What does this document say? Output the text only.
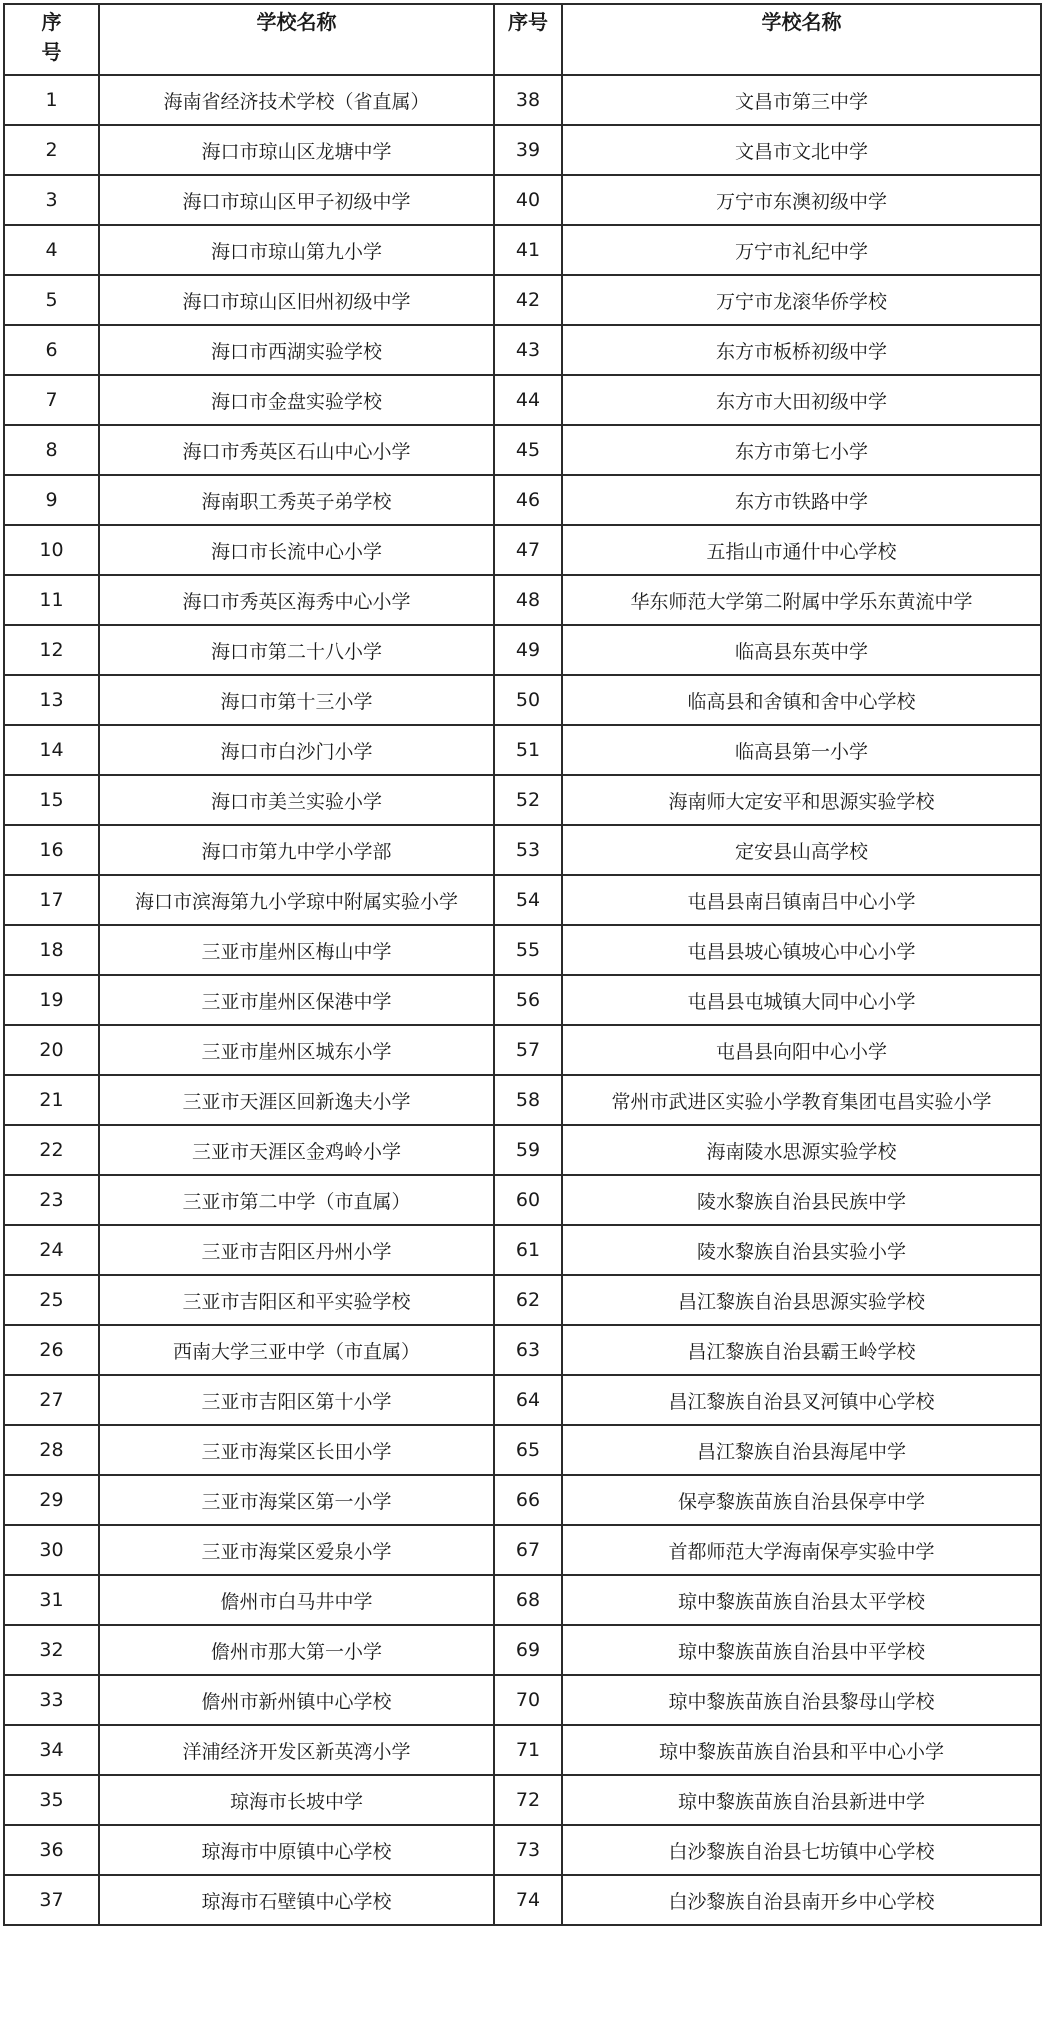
序号	学校名称	序号	学校名称
1	海南省经济技术学校（省直属）	38	文昌市第三中学
2	海口市琼山区龙塘中学	39	文昌市文北中学
3	海口市琼山区甲子初级中学	40	万宁市东澳初级中学
4	海口市琼山第九小学	41	万宁市礼纪中学
5	海口市琼山区旧州初级中学	42	万宁市龙滚华侨学校
6	海口市西湖实验学校	43	东方市板桥初级中学
7	海口市金盘实验学校	44	东方市大田初级中学
8	海口市秀英区石山中心小学	45	东方市第七小学
9	海南职工秀英子弟学校	46	东方市铁路中学
10	海口市长流中心小学	47	五指山市通什中心学校
11	海口市秀英区海秀中心小学	48	华东师范大学第二附属中学乐东黄流中学
12	海口市第二十八小学	49	临高县东英中学
13	海口市第十三小学	50	临高县和舍镇和舍中心学校
14	海口市白沙门小学	51	临高县第一小学
15	海口市美兰实验小学	52	海南师大定安平和思源实验学校
16	海口市第九中学小学部	53	定安县山高学校
17	海口市滨海第九小学琼中附属实验小学	54	屯昌县南吕镇南吕中心小学
18	三亚市崖州区梅山中学	55	屯昌县坡心镇坡心中心小学
19	三亚市崖州区保港中学	56	屯昌县屯城镇大同中心小学
20	三亚市崖州区城东小学	57	屯昌县向阳中心小学
21	三亚市天涯区回新逸夫小学	58	常州市武进区实验小学教育集团屯昌实验小学
22	三亚市天涯区金鸡岭小学	59	海南陵水思源实验学校
23	三亚市第二中学（市直属）	60	陵水黎族自治县民族中学
24	三亚市吉阳区丹州小学	61	陵水黎族自治县实验小学
25	三亚市吉阳区和平实验学校	62	昌江黎族自治县思源实验学校
26	西南大学三亚中学（市直属）	63	昌江黎族自治县霸王岭学校
27	三亚市吉阳区第十小学	64	昌江黎族自治县叉河镇中心学校
28	三亚市海棠区长田小学	65	昌江黎族自治县海尾中学
29	三亚市海棠区第一小学	66	保亭黎族苗族自治县保亭中学
30	三亚市海棠区爱泉小学	67	首都师范大学海南保亭实验中学
31	儋州市白马井中学	68	琼中黎族苗族自治县太平学校
32	儋州市那大第一小学	69	琼中黎族苗族自治县中平学校
33	儋州市新州镇中心学校	70	琼中黎族苗族自治县黎母山学校
34	洋浦经济开发区新英湾小学	71	琼中黎族苗族自治县和平中心小学
35	琼海市长坡中学	72	琼中黎族苗族自治县新进中学
36	琼海市中原镇中心学校	73	白沙黎族自治县七坊镇中心学校
37	琼海市石壁镇中心学校	74	白沙黎族自治县南开乡中心学校
